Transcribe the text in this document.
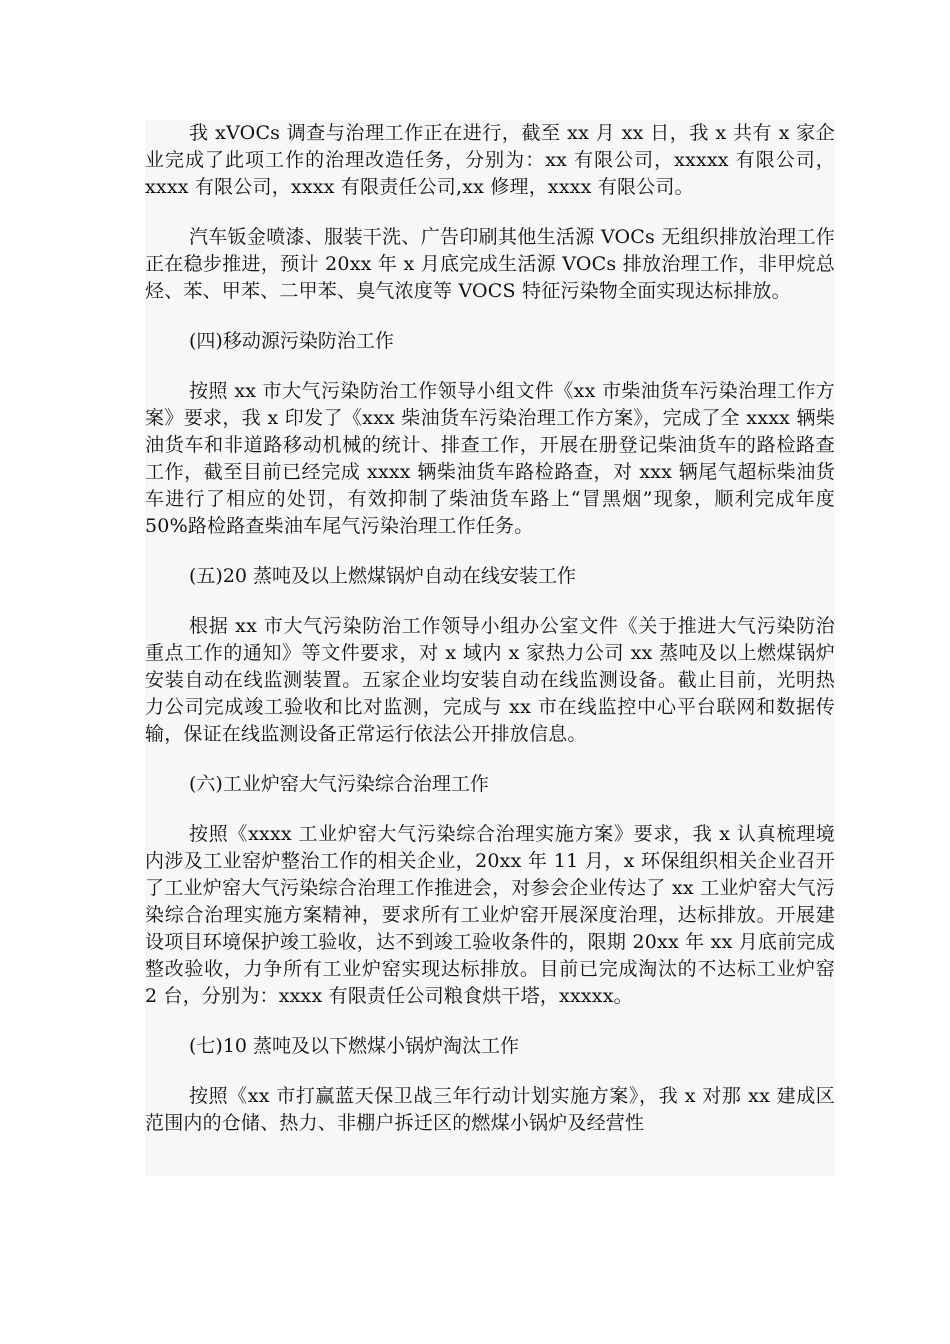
我 xVOCs 调查与治理工作正在进行，截至 xx 月 xx 日，我 x 共有 x 家企业完成了此项工作的治理改造任务，分别为：xx 有限公司，xxxxx 有限公司，xxxx 有限公司，xxxx 有限责任公司,xx 修理，xxxx 有限公司。

汽车钣金喷漆、服装干洗、广告印刷其他生活源 VOCs 无组织排放治理工作正在稳步推进，预计 20xx 年 x 月底完成生活源 VOCs 排放治理工作，非甲烷总烃、苯、甲苯、二甲苯、臭气浓度等 VOCS 特征污染物全面实现达标排放。

(四)移动源污染防治工作

按照 xx 市大气污染防治工作领导小组文件《xx 市柴油货车污染治理工作方案》要求，我 x 印发了《xxx 柴油货车污染治理工作方案》，完成了全 xxxx 辆柴油货车和非道路移动机械的统计、排查工作，开展在册登记柴油货车的路检路查工作，截至目前已经完成 xxxx 辆柴油货车路检路查，对 xxx 辆尾气超标柴油货车进行了相应的处罚，有效抑制了柴油货车路上“冒黑烟”现象，顺利完成年度 50%路检路查柴油车尾气污染治理工作任务。

(五)20 蒸吨及以上燃煤锅炉自动在线安装工作

根据 xx 市大气污染防治工作领导小组办公室文件《关于推进大气污染防治重点工作的通知》等文件要求，对 x 域内 x 家热力公司 xx 蒸吨及以上燃煤锅炉安装自动在线监测装置。五家企业均安装自动在线监测设备。截止目前，光明热力公司完成竣工验收和比对监测，完成与 xx 市在线监控中心平台联网和数据传输，保证在线监测设备正常运行依法公开排放信息。

(六)工业炉窑大气污染综合治理工作

按照《xxxx 工业炉窑大气污染综合治理实施方案》要求，我 x 认真梳理境内涉及工业窑炉整治工作的相关企业，20xx 年 11 月，x 环保组织相关企业召开了工业炉窑大气污染综合治理工作推进会，对参会企业传达了 xx 工业炉窑大气污染综合治理实施方案精神，要求所有工业炉窑开展深度治理，达标排放。开展建设项目环境保护竣工验收，达不到竣工验收条件的，限期 20xx 年 xx 月底前完成整改验收，力争所有工业炉窑实现达标排放。目前已完成淘汰的不达标工业炉窑 2 台，分别为：xxxx 有限责任公司粮食烘干塔，xxxxx。

(七)10 蒸吨及以下燃煤小锅炉淘汰工作

按照《xx 市打赢蓝天保卫战三年行动计划实施方案》，我 x 对那 xx 建成区范围内的仓储、热力、非棚户拆迁区的燃煤小锅炉及经营性
